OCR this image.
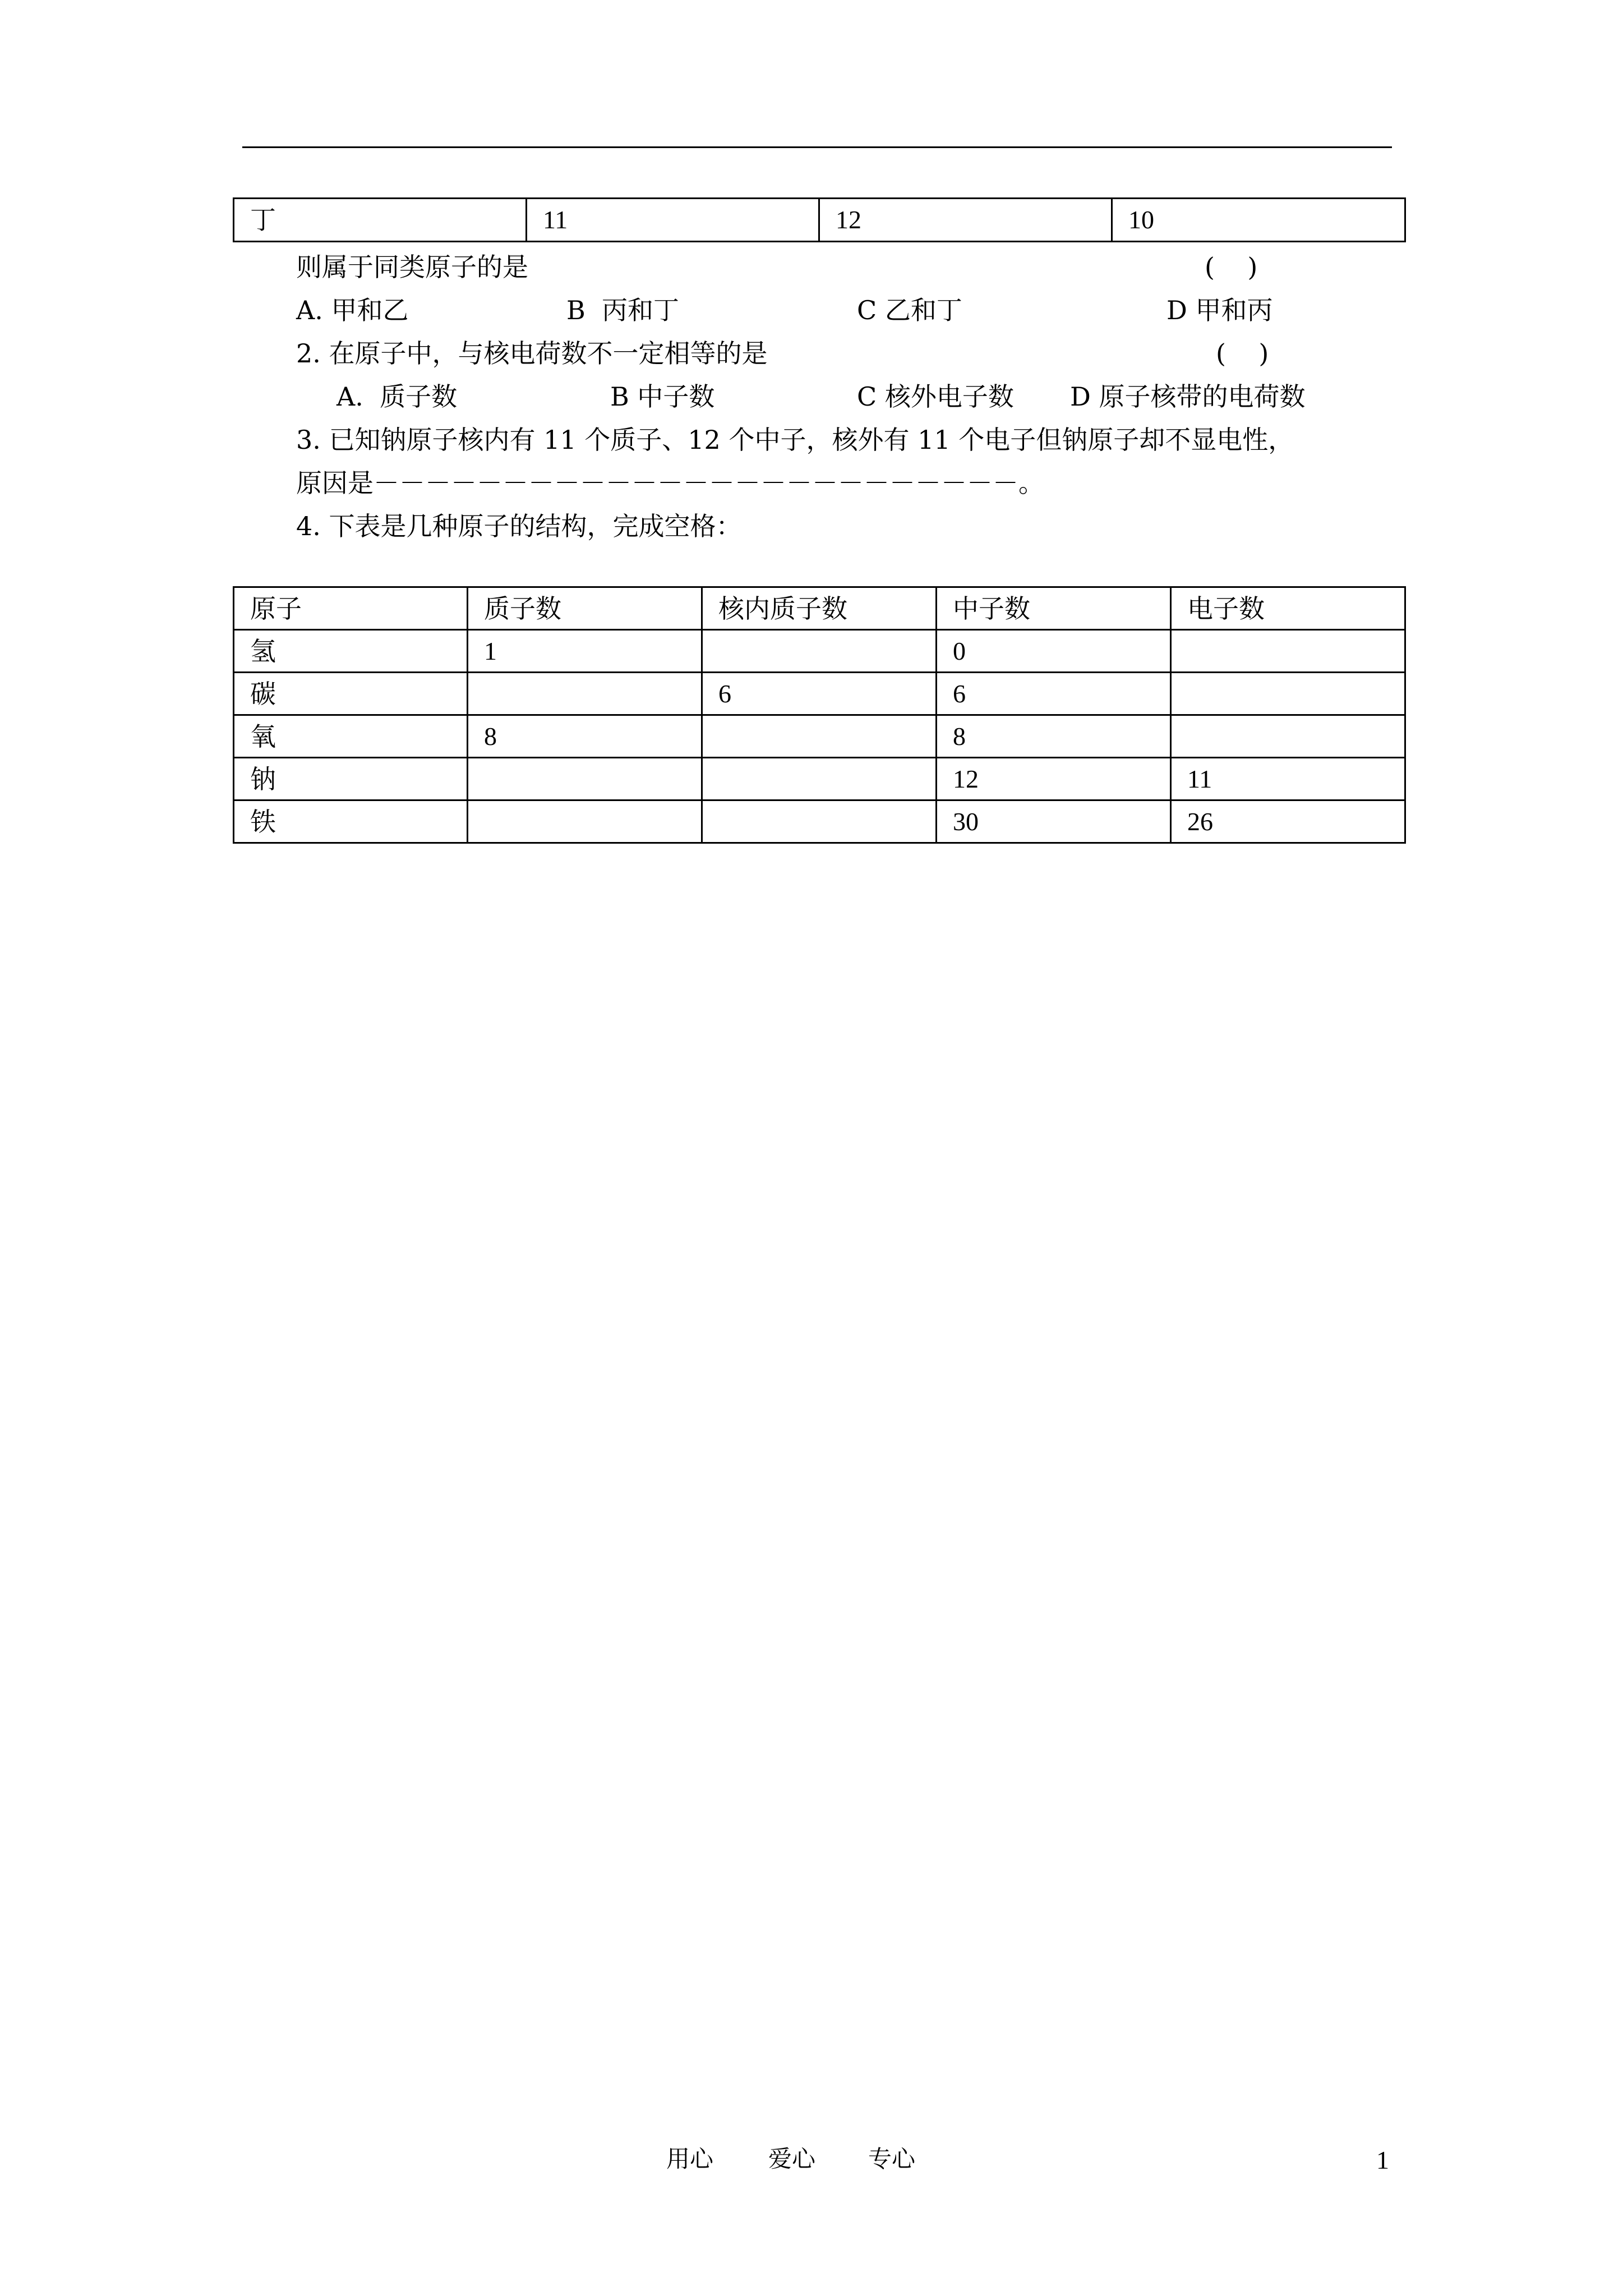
丁	11	12	10
则属于同类原子的是	(    )
A. 甲和乙	B  丙和丁	C 乙和丁	D 甲和丙
2. 在原子中，与核电荷数不一定相等的是	(    )
A.  质子数	B 中子数	C 核外电子数 D 原子核带的电荷数
3. 已知钠原子核内有 11 个质子、12 个中子，核外有 11 个电子但钠原子却不显电性，
原因是－－－－－－－－－－－－－－－－－－－－－－－－－。
4. 下表是几种原子的结构，完成空格：
原子	质子数	核内质子数	中子数	电子数
氢	1		0	
碳		6	6	
氧	8		8	
钠			12	11
铁			30	26
用心 爱心 专心	1
